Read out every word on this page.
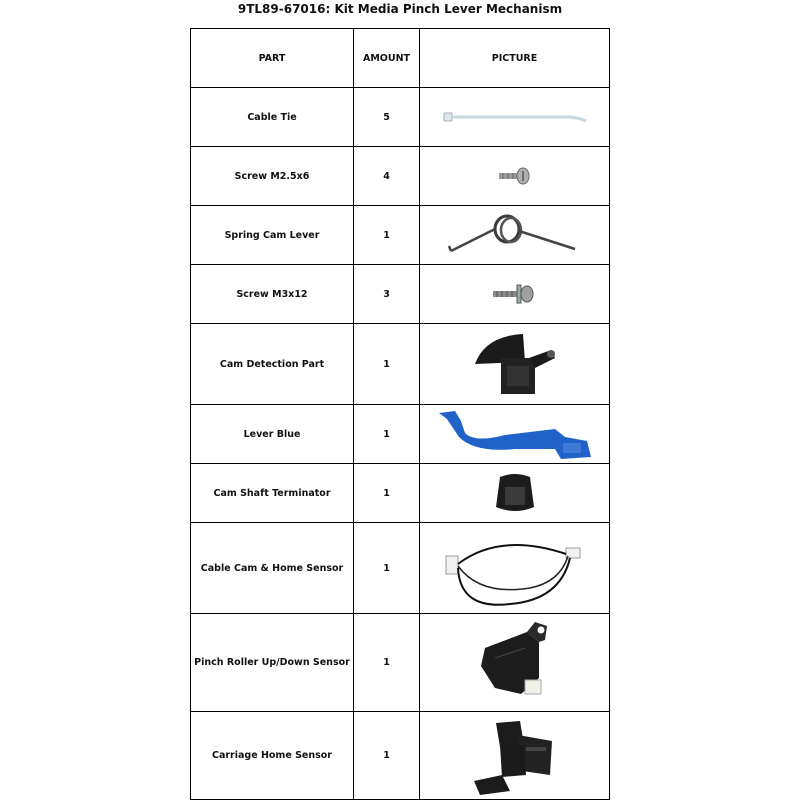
9TL89-67016: Kit Media Pinch Lever Mechanism
PART	AMOUNT	PICTURE
Cable Tie	5	

Screw M2.5x6	4	

Spring Cam Lever	1	

Screw M3x12	3	

Cam Detection Part	1	

Lever Blue	1	

Cam Shaft Terminator	1	

Cable Cam & Home Sensor	1	

Pinch Roller Up/Down Sensor	1	

Carriage Home Sensor	1	
